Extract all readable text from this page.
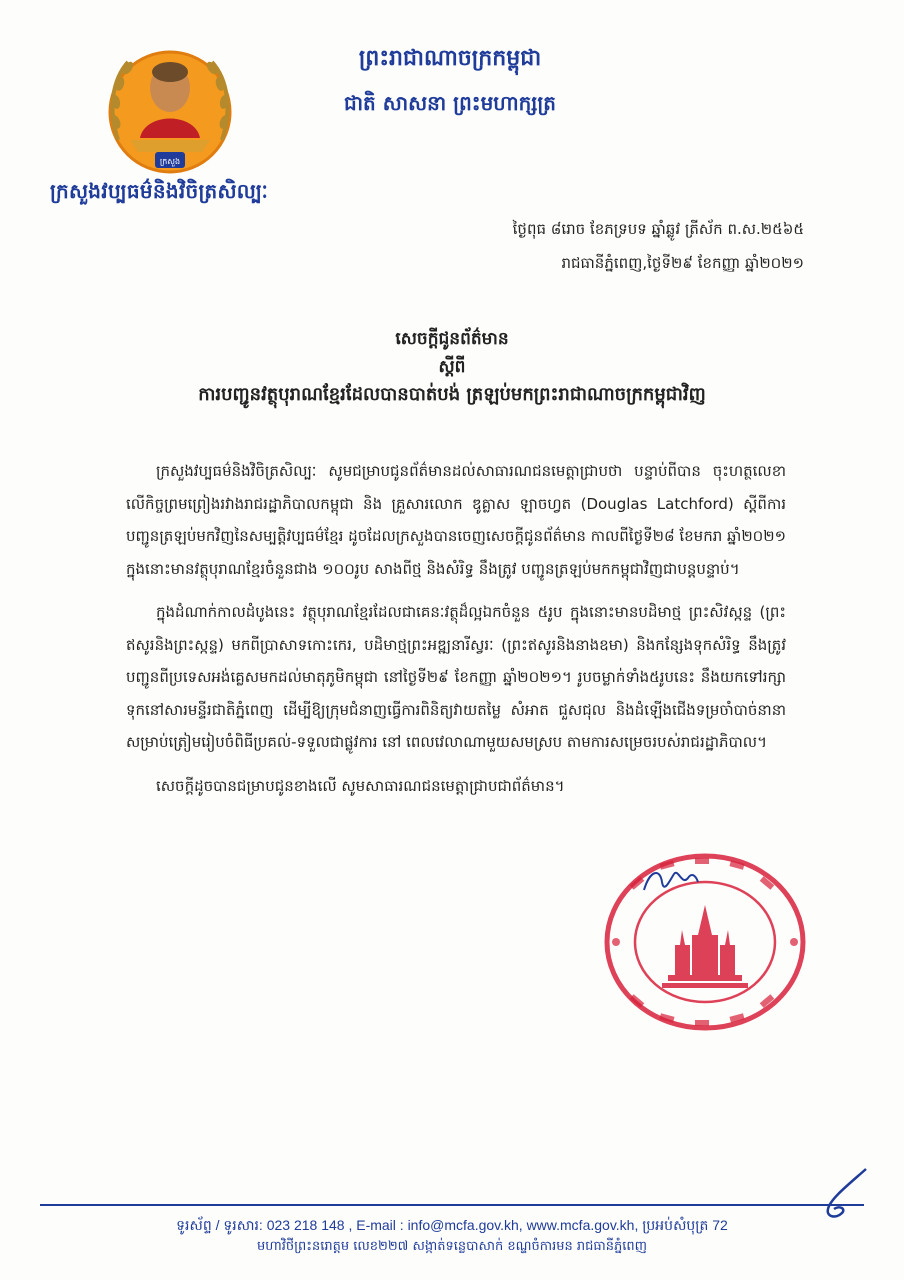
ក្រសួង
ព្រះរាជាណាចក្រកម្ពុជា
ជាតិ សាសនា ព្រះមហាក្សត្រ
ក្រសួងវប្បធម៌និងវិចិត្រសិល្បៈ
ថ្ងៃពុធ ៨រោច ខែភទ្របទ ឆ្នាំឆ្លូវ ត្រីស័ក ព.ស.២៥៦៥
រាជធានីភ្នំពេញ,ថ្ងៃទី២៩ ខែកញ្ញា ឆ្នាំ២០២១
សេចក្តីជូនព័ត៌មាន
ស្តីពី
ការបញ្ជូនវត្ថុបុរាណខ្មែរដែលបានបាត់បង់ ត្រឡប់មកព្រះរាជាណាចក្រកម្ពុជាវិញ

ក្រសួងវប្បធម៌និងវិចិត្រសិល្បៈ សូមជម្រាបជូនព័ត៌មានដល់សាធារណជនមេត្តាជ្រាបថា បន្ទាប់ពីបាន ចុះហត្ថលេខាលើកិច្ចព្រមព្រៀងរវាងរាជរដ្ឋាភិបាលកម្ពុជា និង គ្រួសារលោក ឌូគ្លាស ឡាចហ្វត (Douglas Latchford) ស្តីពីការបញ្ជូនត្រឡប់មកវិញនៃសម្បត្តិវប្បធម៌ខ្មែរ ដូចដែលក្រសួងបានចេញសេចក្តីជូនព័ត៌មាន កាលពីថ្ងៃទី២៨ ខែមករា ឆ្នាំ២០២១ ក្នុងនោះមានវត្ថុបុរាណខ្មែរចំនួនជាង ១០០រូប សាងពីថ្ម និងសំរិទ្ធ នឹងត្រូវ បញ្ជូនត្រឡប់មកកម្ពុជាវិញជាបន្តបន្ទាប់។

ក្នុងដំណាក់កាលដំបូងនេះ វត្ថុបុរាណខ្មែរដែលជាគេនៈវត្ថុដ៏ល្អឯកចំនួន ៥រូប ក្នុងនោះមានបដិមាថ្ម ព្រះសិវស្កន្ទ (ព្រះឥសូរនិងព្រះស្កន្ទ) មកពីប្រាសាទកោះកេរ, បដិមាថ្មព្រះអឌ្ឍនារីស្វរៈ (ព្រះឥសូរនិងនាងឧមា) និងកន្សែងទុកសំរិទ្ធ នឹងត្រូវបញ្ជូនពីប្រទេសអង់គ្លេសមកដល់មាតុភូមិកម្ពុជា នៅថ្ងៃទី២៩ ខែកញ្ញា ឆ្នាំ២០២១។ រូបចម្លាក់ទាំង៥រូបនេះ នឹងយកទៅរក្សាទុកនៅសារមន្ទីរជាតិភ្នំពេញ ដើម្បីឱ្យក្រុមជំនាញធ្វើការពិនិត្យវាយតម្លៃ សំអាត ជួសជុល និងដំឡើងជើងទម្រចាំបាច់នានា សម្រាប់ត្រៀមរៀបចំពិធីប្រគល់-ទទួលជាផ្លូវការ នៅ ពេលវេលាណាមួយសមស្រប តាមការសម្រេចរបស់រាជរដ្ឋាភិបាល។

សេចក្តីដូចបានជម្រាបជូនខាងលើ សូមសាធារណជនមេត្តាជ្រាបជាព័ត៌មាន។

ទូរស័ព្ទ / ទូរសារ: 023 218 148 , E-mail : info@mcfa.gov.kh, www.mcfa.gov.kh, ប្រអប់សំបុត្រ 72
មហាវិថីព្រះនរោត្តម លេខ២២៧ សង្កាត់ទន្លេបាសាក់ ខណ្ឌចំការមន រាជធានីភ្នំពេញ
